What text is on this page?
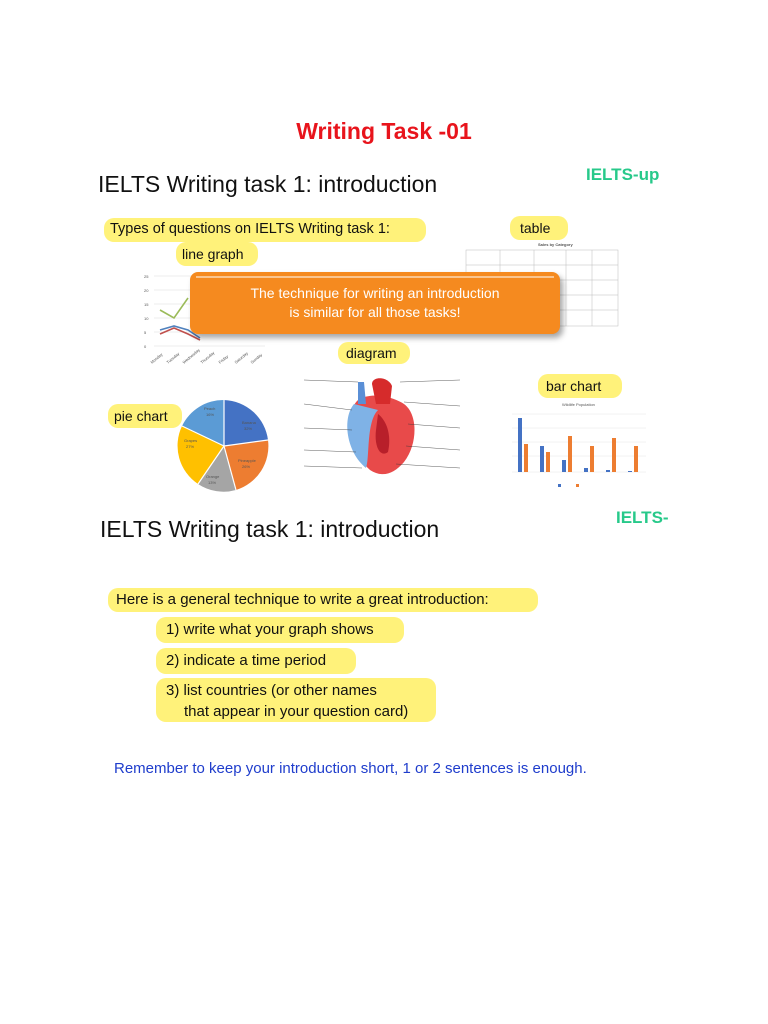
Writing Task -01
IELTS Writing task 1: introduction	IELTS-up
Types of questions on IELTS Writing task 1:	table
line graph
25
20
15
10
5
0
Monday Tuesday Wednesday
Thursday Friday Saturday Sunday
Sales by Category
The technique for writing an introduction
is similar for all those tasks!
diagram
pie chart	Peach
16%
Banana
32%
Pineapple
26%
Orange
13%
Grapes
27%
bar chart
Wildlife Population
IELTS Writing task 1: introduction	IELTS-
Here is a general technique to write a great introduction:
1) write what your graph shows
2) indicate a time period
3) list countries (or other names
that appear in your question card)
Remember to keep your introduction short, 1 or 2 sentences is enough.
